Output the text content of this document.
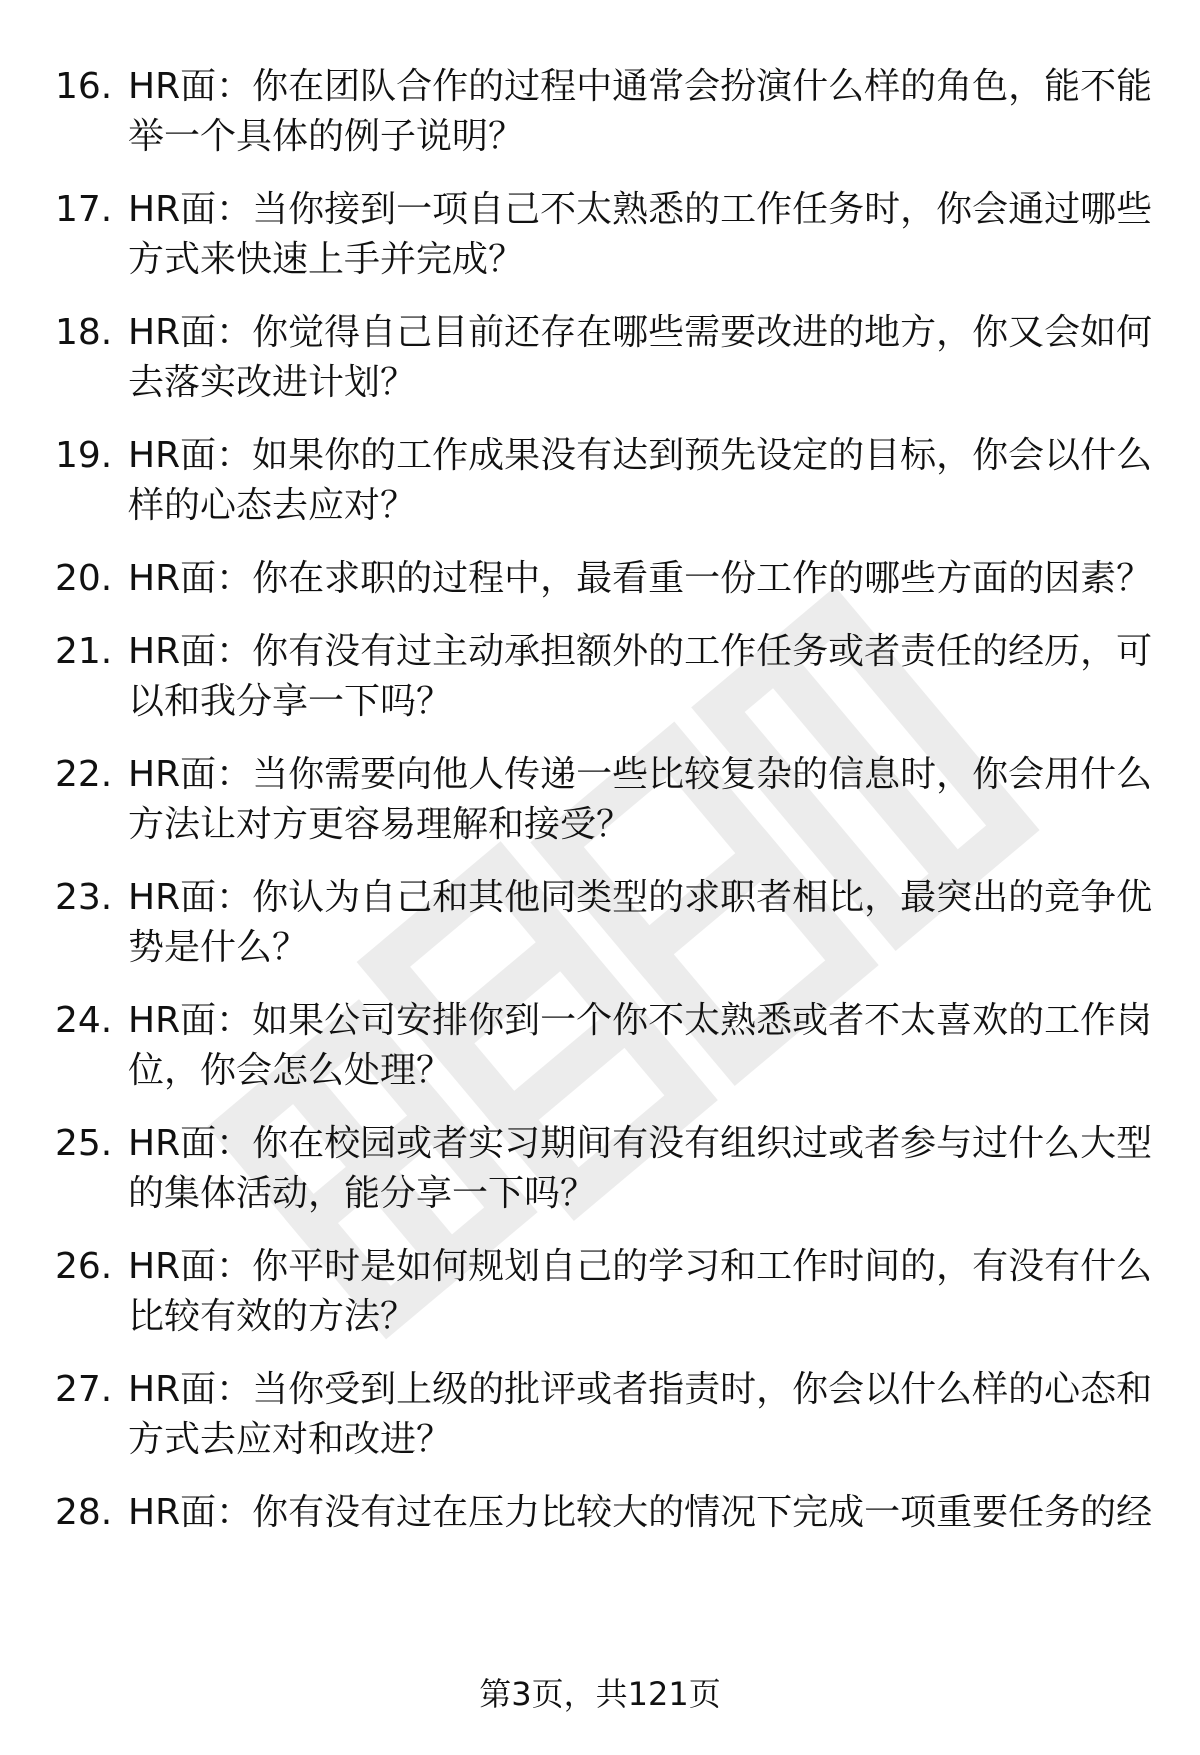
16. HR面：你在团队合作的过程中通常会扮演什么样的角色，能不能举一个具体的例子说明？
17. HR面：当你接到一项自己不太熟悉的工作任务时，你会通过哪些方式来快速上手并完成？
18. HR面：你觉得自己目前还存在哪些需要改进的地方，你又会如何去落实改进计划？
19. HR面：如果你的工作成果没有达到预先设定的目标，你会以什么样的心态去应对？
20. HR面：你在求职的过程中，最看重一份工作的哪些方面的因素？
21. HR面：你有没有过主动承担额外的工作任务或者责任的经历，可以和我分享一下吗？
22. HR面：当你需要向他人传递一些比较复杂的信息时，你会用什么方法让对方更容易理解和接受？
23. HR面：你认为自己和其他同类型的求职者相比，最突出的竞争优势是什么？
24. HR面：如果公司安排你到一个你不太熟悉或者不太喜欢的工作岗位，你会怎么处理？
25. HR面：你在校园或者实习期间有没有组织过或者参与过什么大型的集体活动，能分享一下吗？
26. HR面：你平时是如何规划自己的学习和工作时间的，有没有什么比较有效的方法？
27. HR面：当你受到上级的批评或者指责时，你会以什么样的心态和方式去应对和改进？
28. HR面：你有没有过在压力比较大的情况下完成一项重要任务的经
第3页，共121页
